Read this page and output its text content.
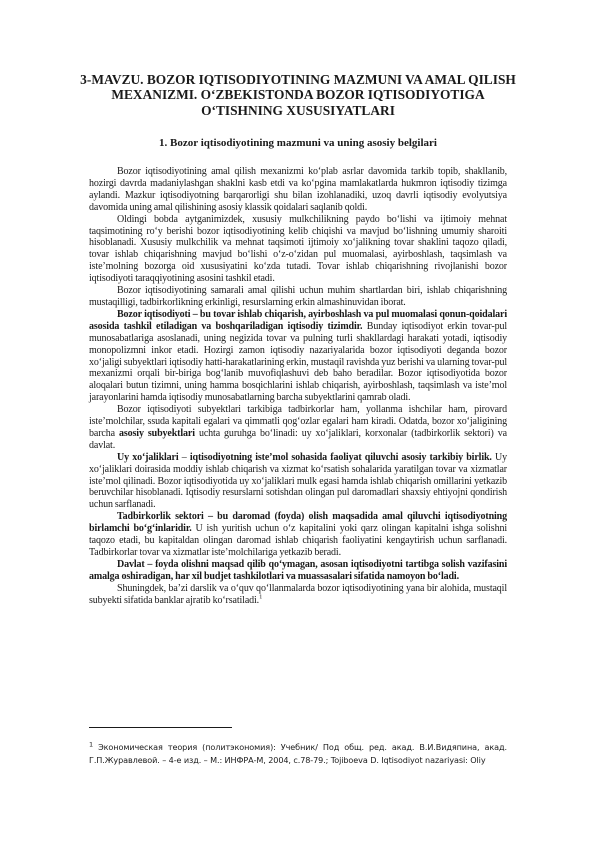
3-MAVZU. BOZOR IQTISODIYOTINING MAZMUNI VA AMAL QILISH MEXANIZMI. O‘ZBEKISTONDA BOZOR IQTISODIYOTIGA O‘TISHNING XUSUSIYATLARI
1. Bozor iqtisodiyotining mazmuni va uning asosiy belgilari

Bozor iqtisodiyotining amal qilish mexanizmi ko‘plab asrlar davomida tarkib topib, shakllanib, hozirgi davrda madaniylashgan shaklni kasb etdi va ko‘pgina mamlakatlarda hukmron iqtisodiy tizimga aylandi. Mazkur iqtisodiyotning barqarorligi shu bilan izohlanadiki, uzoq davrli iqtisodiy evolyutsiya davomida uning amal qilishining asosiy klassik qoidalari saqlanib qoldi.

Oldingi bobda aytganimizdek, xususiy mulkchilikning paydo bo‘lishi va ijtimoiy mehnat taqsimotining ro‘y berishi bozor iqtisodiyotining kelib chiqishi va mavjud bo‘lishning umumiy sharoiti hisoblanadi. Xususiy mulkchilik va mehnat taqsimoti ijtimoiy xo‘jalikning tovar shaklini taqozo qiladi, tovar ishlab chiqarishning mavjud bo‘lishi o‘z-o‘zidan pul muomalasi, ayirboshlash, taqsimlash va iste’molning bozorga oid xususiyatini ko‘zda tutadi. Tovar ishlab chiqarishning rivojlanishi bozor iqtisodiyoti taraqqiyotining asosini tashkil etadi.

Bozor iqtisodiyotining samarali amal qilishi uchun muhim shartlardan biri, ishlab chiqarishning mustaqilligi, tadbirkorlikning erkinligi, resurslarning erkin almashinuvidan iborat.

Bozor iqtisodiyoti – bu tovar ishlab chiqarish, ayirboshlash va pul muomalasi qonun-qoidalari asosida tashkil etiladigan va boshqariladigan iqtisodiy tizimdir. Bunday iqtisodiyot erkin tovar-pul munosabatlariga asoslanadi, uning negizida tovar va pulning turli shakllardagi harakati yotadi, iqtisodiy monopolizmni inkor etadi. Hozirgi zamon iqtisodiy nazariyalarida bozor iqtisodiyoti deganda bozor xo‘jaligi subyektlari iqtisodiy hatti-harakatlarining erkin, mustaqil ravishda yuz berishi va ularning tovar-pul mexanizmi orqali bir-biriga bog‘lanib muvofiqlashuvi deb baho beradilar. Bozor iqtisodiyotida bozor aloqalari butun tizimni, uning hamma bosqichlarini ishlab chiqarish, ayirboshlash, taqsimlash va iste’mol jarayonlarini hamda iqtisodiy munosabatlarning barcha subyektlarini qamrab oladi.

Bozor iqtisodiyoti subyektlari tarkibiga tadbirkorlar ham, yollanma ishchilar ham, pirovard iste’molchilar, ssuda kapitali egalari va qimmatli qog‘ozlar egalari ham kiradi. Odatda, bozor xo‘jaligining barcha asosiy subyektlari uchta guruhga bo‘linadi: uy xo‘jaliklari, korxonalar (tadbirkorlik sektori) va davlat.

Uy xo‘jaliklari – iqtisodiyotning iste’mol sohasida faoliyat qiluvchi asosiy tarkibiy birlik. Uy xo‘jaliklari doirasida moddiy ishlab chiqarish va xizmat ko‘rsatish sohalarida yaratilgan tovar va xizmatlar iste’mol qilinadi. Bozor iqtisodiyotida uy xo‘jaliklari mulk egasi hamda ishlab chiqarish omillarini yetkazib beruvchilar hisoblanadi. Iqtisodiy resurslarni sotishdan olingan pul daromadlari shaxsiy ehtiyojni qondirish uchun sarflanadi.

Tadbirkorlik sektori – bu daromad (foyda) olish maqsadida amal qiluvchi iqtisodiyotning birlamchi bo‘g‘inlaridir. U ish yuritish uchun o‘z kapitalini yoki qarz olingan kapitalni ishga solishni taqozo etadi, bu kapitaldan olingan daromad ishlab chiqarish faoliyatini kengaytirish uchun sarflanadi. Tadbirkorlar tovar va xizmatlar iste’molchilariga yetkazib beradi.

Davlat – foyda olishni maqsad qilib qo‘ymagan, asosan iqtisodiyotni tartibga solish vazifasini amalga oshiradigan, har xil budjet tashkilotlari va muassasalari sifatida namoyon bo‘ladi.

Shuningdek, ba’zi darslik va o‘quv qo‘llanmalarda bozor iqtisodiyotining yana bir alohida, mustaqil subyekti sifatida banklar ajratib ko‘rsatiladi.$^1$

$^1$ Экономическая теория (политэкономия): Учебник/ Под общ. ред. акад. В.И.Видяпина, акад. Г.П.Журавлевой. – 4-е изд. – М.: ИНФРА-М, 2004, с.78-79.; Tojiboeva D. Iqtisodiyot nazariyasi: Oliy
